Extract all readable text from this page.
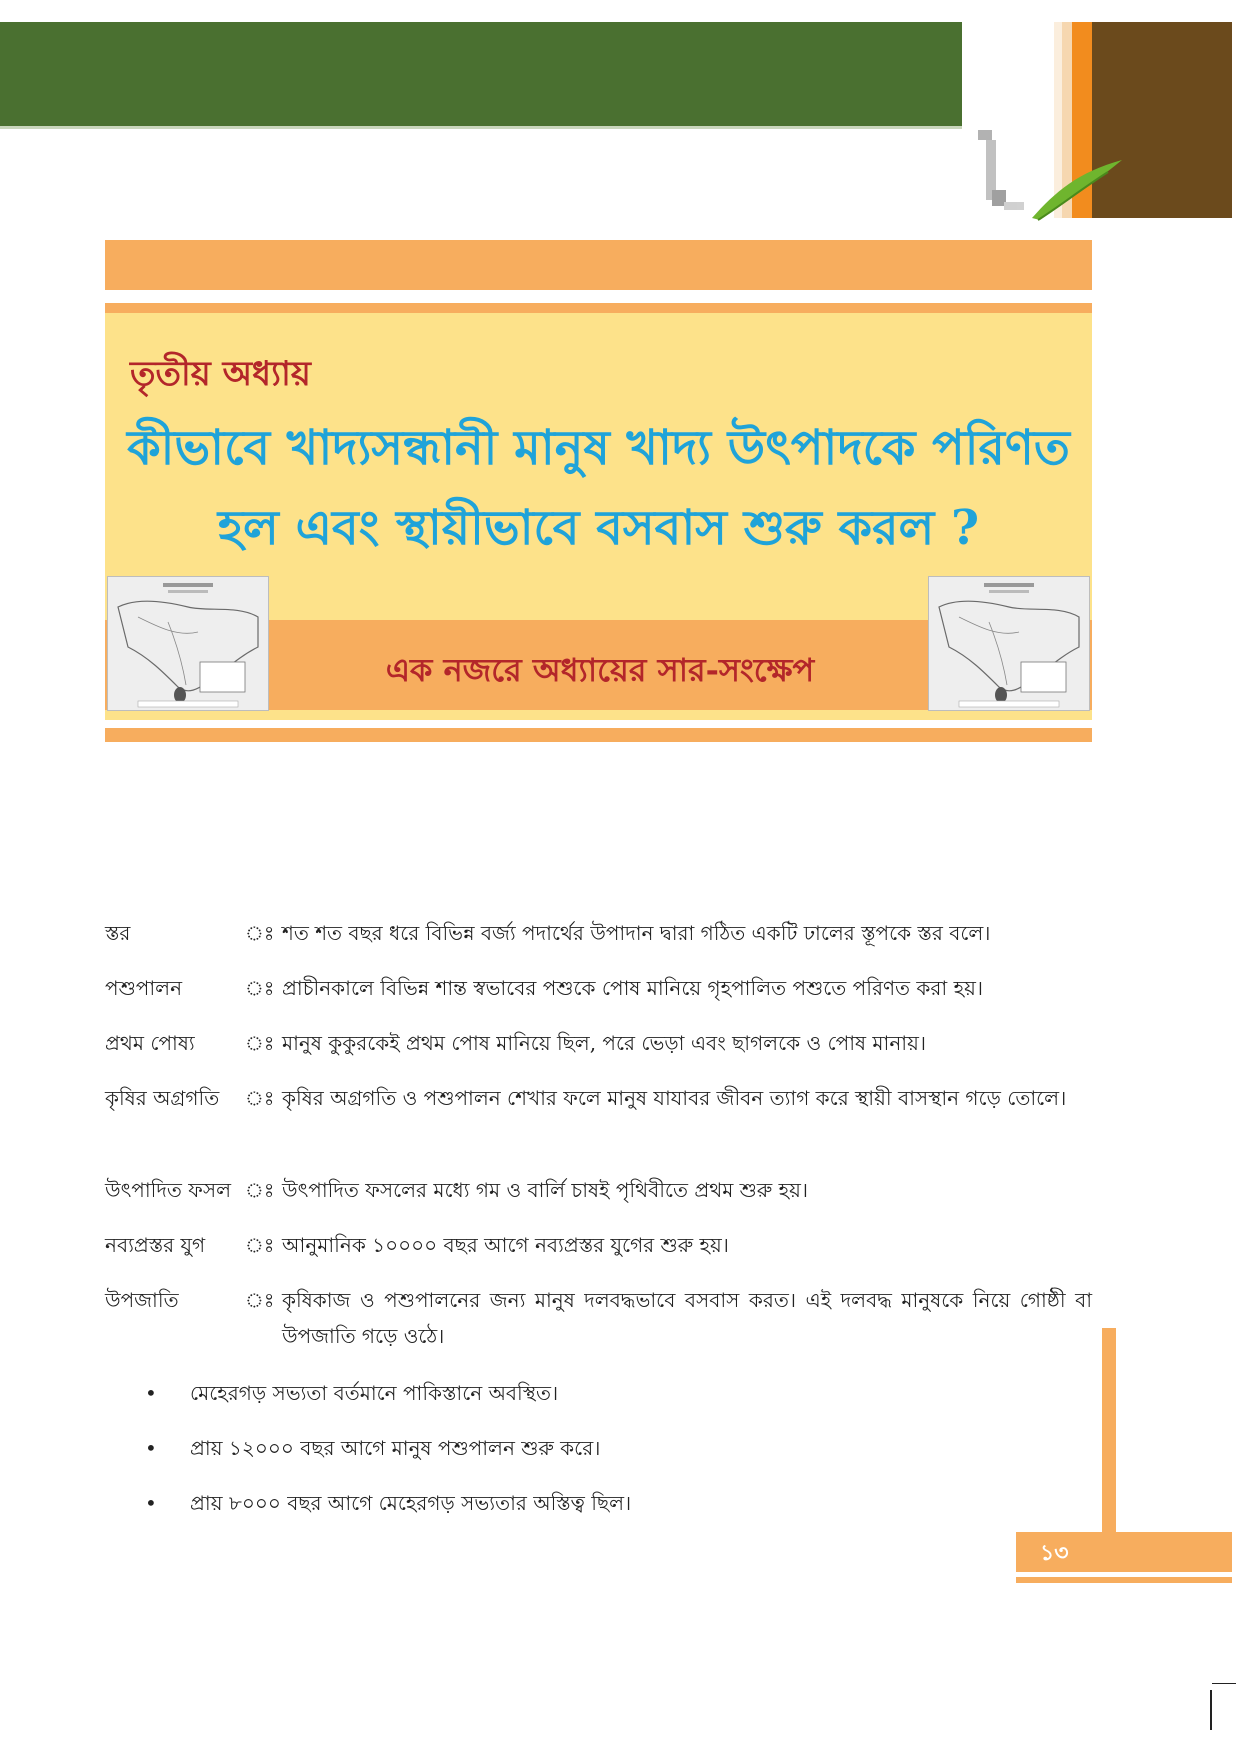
তৃতীয় অধ্যায়
কীভাবে খাদ্যসন্ধানী মানুষ খাদ্য উৎপাদকে পরিণত হল এবং স্থায়ীভাবে বসবাস শুরু করল ?
এক নজরে অধ্যায়ের সার-সংক্ষেপ
স্তর	ঃ শত শত বছর ধরে বিভিন্ন বর্জ্য পদার্থের উপাদান দ্বারা গঠিত একটি ঢালের স্তূপকে স্তর বলে।
পশুপালন	ঃ প্রাচীনকালে বিভিন্ন শান্ত স্বভাবের পশুকে পোষ মানিয়ে গৃহপালিত পশুতে পরিণত করা হয়।
প্রথম পোষ্য	ঃ মানুষ কুকুরকেই প্রথম পোষ মানিয়ে ছিল, পরে ভেড়া এবং ছাগলকে ও পোষ মানায়।
কৃষির অগ্রগতি	ঃ কৃষির অগ্রগতি ও পশুপালন শেখার ফলে মানুষ যাযাবর জীবন ত্যাগ করে স্থায়ী বাসস্থান গড়ে তোলে।
উৎপাদিত ফসল ঃ উৎপাদিত ফসলের মধ্যে গম ও বার্লি চাষই পৃথিবীতে প্রথম শুরু হয়।
নব্যপ্রস্তর যুগ	ঃ আনুমানিক ১০০০০ বছর আগে নব্যপ্রস্তর যুগের শুরু হয়।
উপজাতি	ঃ কৃষিকাজ ও পশুপালনের জন্য মানুষ দলবদ্ধভাবে বসবাস করত। এই দলবদ্ধ মানুষকে নিয়ে গোষ্ঠী বা উপজাতি গড়ে ওঠে।
• মেহেরগড় সভ্যতা বর্তমানে পাকিস্তানে অবস্থিত।
• প্রায় ১২০০০ বছর আগে মানুষ পশুপালন শুরু করে।
• প্রায় ৮০০০ বছর আগে মেহেরগড় সভ্যতার অস্তিত্ব ছিল।
১৩
